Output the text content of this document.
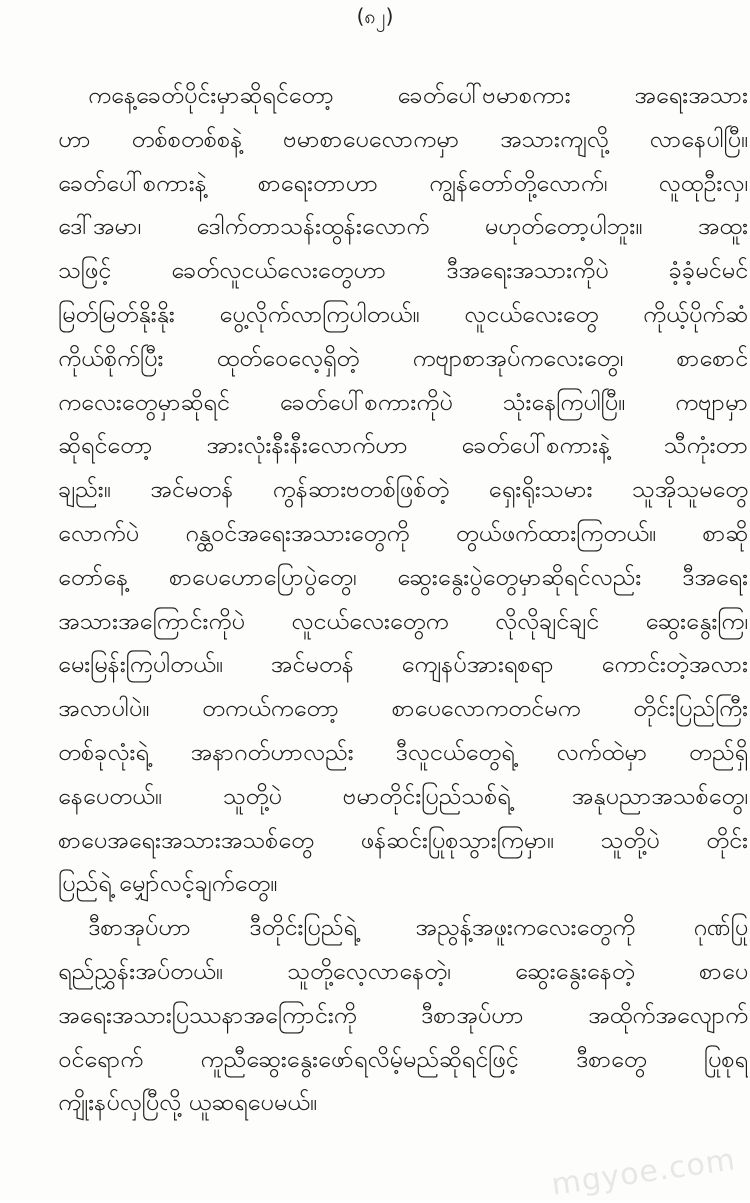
(၈၂)
ကနေ့ခေတ်ပိုင်းမှာဆိုရင်တော့ ခေတ်ပေါ်ဗမာစကား အရေးအသား
ဟာ တစ်စတစ်စနဲ့ ဗမာစာပေလောကမှာ အသားကျလို့ လာနေပါပြီ။
ခေတ်ပေါ်စကားနဲ့ စာရေးတာဟာ ကျွန်တော်တို့လောက်၊ လူထုဦးလှ၊
ဒေါ်အမာ၊ ဒေါက်တာသန်းထွန်းလောက် မဟုတ်တော့ပါဘူး။ အထူး
သဖြင့် ခေတ်လူငယ်လေးတွေဟာ ဒီအရေးအသားကိုပဲ ခံ့ခံ့မင်မင်
မြတ်မြတ်နိုးနိုး ပွေ့လိုက်လာကြပါတယ်။ လူငယ်လေးတွေ ကိုယ့်ပိုက်ဆံ
ကိုယ်စိုက်ပြီး ထုတ်ဝေလေ့ရှိတဲ့ ကဗျာစာအုပ်ကလေးတွေ၊ စာစောင်
ကလေးတွေမှာဆိုရင် ခေတ်ပေါ်စကားကိုပဲ သုံးနေကြပါပြီ။ ကဗျာမှာ
ဆိုရင်တော့ အားလုံးနီးနီးလောက်ဟာ ခေတ်ပေါ်စကားနဲ့ သီကုံးတာ
ချည်း။ အင်မတန် ကွန်ဆားဗတစ်ဖြစ်တဲ့ ရှေးရိုးသမား သူအိုသူမတွေ
လောက်ပဲ ဂန္ထဝင်အရေးအသားတွေကို တွယ်ဖက်ထားကြတယ်။ စာဆို
တော်နေ့ စာပေဟောပြောပွဲတွေ၊ ဆွေးနွေးပွဲတွေမှာဆိုရင်လည်း ဒီအရေး
အသားအကြောင်းကိုပဲ လူငယ်လေးတွေက လိုလိုချင်ချင် ဆွေးနွေးကြ၊
မေးမြန်းကြပါတယ်။ အင်မတန် ကျေနပ်အားရစရာ ကောင်းတဲ့အလား
အလာပါပဲ။ တကယ်ကတော့ စာပေလောကတင်မက တိုင်းပြည်ကြီး
တစ်ခုလုံးရဲ့ အနာဂတ်ဟာလည်း ဒီလူငယ်တွေရဲ့ လက်ထဲမှာ တည်ရှိ
နေပေတယ်။ သူတို့ပဲ ဗမာတိုင်းပြည်သစ်ရဲ့ အနုပညာအသစ်တွေ၊
စာပေအရေးအသားအသစ်တွေ ဖန်ဆင်းပြုစုသွားကြမှာ။ သူတို့ပဲ တိုင်း
ပြည်ရဲ့ မျှော်လင့်ချက်တွေ။
ဒီစာအုပ်ဟာ ဒီတိုင်းပြည်ရဲ့ အညွန့်အဖူးကလေးတွေကို ဂုဏ်ပြု
ရည်ညွှန်းအပ်တယ်။ သူတို့လေ့လာနေတဲ့၊ ဆွေးနွေးနေတဲ့ စာပေ
အရေးအသားပြဿနာအကြောင်းကို ဒီစာအုပ်ဟာ အထိုက်အလျောက်
ဝင်ရောက် ကူညီဆွေးနွေးဖော်ရလိမ့်မည်ဆိုရင်ဖြင့် ဒီစာတွေ ပြုစုရ
ကျိုးနပ်လှပြီလို့ ယူဆရပေမယ်။
mgyoe.com
